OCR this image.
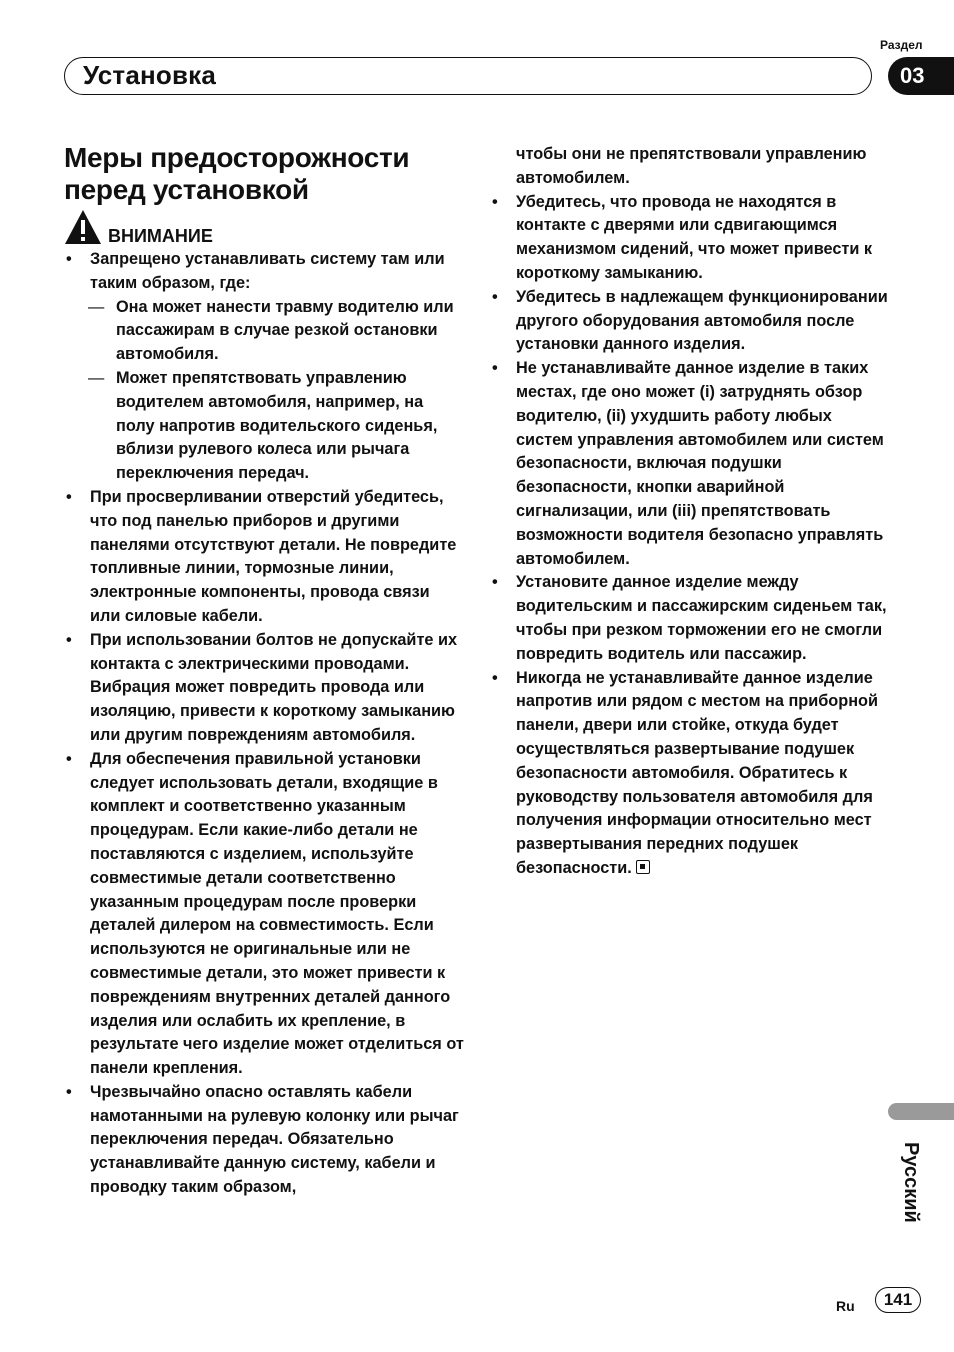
Раздел
Установка	03
Меры предосторожности перед установкой
ВНИМАНИЕ
• Запрещено устанавливать систему там или таким образом, где:
— Она может нанести травму водителю или пассажирам в случае резкой остановки автомобиля.
— Может препятствовать управлению водителем автомобиля, например, на полу напротив водительского сиденья, вблизи рулевого колеса или рычага переключения передач.
• При просверливании отверстий убедитесь, что под панелью приборов и другими панелями отсутствуют детали. Не повредите топливные линии, тормозные линии, электронные компоненты, провода связи или силовые кабели.
• При использовании болтов не допускайте их контакта с электрическими проводами. Вибрация может повредить провода или изоляцию, привести к короткому замыканию или другим повреждениям автомобиля.
• Для обеспечения правильной установки следует использовать детали, входящие в комплект и соответственно указанным процедурам. Если какие-либо детали не поставляются с изделием, используйте совместимые детали соответственно указанным процедурам после проверки деталей дилером на совместимость. Если используются не оригинальные или не совместимые детали, это может привести к повреждениям внутренних деталей данного изделия или ослабить их крепление, в результате чего изделие может отделиться от панели крепления.
• Чрезвычайно опасно оставлять кабели намотанными на рулевую колонку или рычаг переключения передач. Обязательно устанавливайте данную систему, кабели и проводку таким образом,
чтобы они не препятствовали управлению автомобилем.
• Убедитесь, что провода не находятся в контакте с дверями или сдвигающимся механизмом сидений, что может привести к короткому замыканию.
• Убедитесь в надлежащем функционировании другого оборудования автомобиля после установки данного изделия.
• Не устанавливайте данное изделие в таких местах, где оно может (i) затруднять обзор водителю, (ii) ухудшить работу любых систем управления автомобилем или систем безопасности, включая подушки безопасности, кнопки аварийной сигнализации, или (iii) препятствовать возможности водителя безопасно управлять автомобилем.
• Установите данное изделие между водительским и пассажирским сиденьем так, чтобы при резком торможении его не смогли повредить водитель или пассажир.
• Никогда не устанавливайте данное изделие напротив или рядом с местом на приборной панели, двери или стойке, откуда будет осуществляться развертывание подушек безопасности автомобиля. Обратитесь к руководству пользователя автомобиля для получения информации относительно мест развертывания передних подушек безопасности.
Русский
Ru	141
